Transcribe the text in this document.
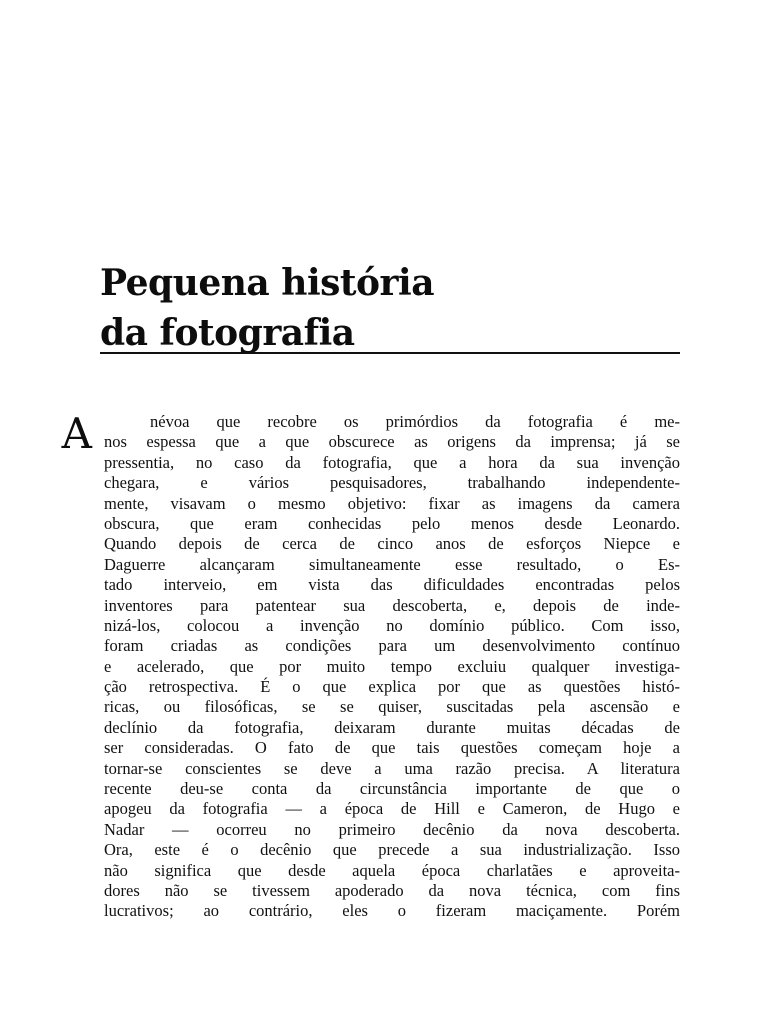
Pequena história
da fotografia
A	névoa que recobre os primórdios da fotografia é me-
nos espessa que a que obscurece as origens da imprensa; já se
pressentia, no caso da fotografia, que a hora da sua invenção
chegara, e vários pesquisadores, trabalhando independente-
mente, visavam o mesmo objetivo: fixar as imagens da camera
obscura, que eram conhecidas pelo menos desde Leonardo.
Quando depois de cerca de cinco anos de esforços Niepce e
Daguerre alcançaram simultaneamente esse resultado, o Es-
tado interveio, em vista das dificuldades encontradas pelos
inventores para patentear sua descoberta, e, depois de inde-
nizá-los, colocou a invenção no domínio público. Com isso,
foram criadas as condições para um desenvolvimento contínuo
e acelerado, que por muito tempo excluiu qualquer investiga-
ção retrospectiva. É o que explica por que as questões histó-
ricas, ou filosóficas, se se quiser, suscitadas pela ascensão e
declínio da fotografia, deixaram durante muitas décadas de
ser consideradas. O fato de que tais questões começam hoje a
tornar-se conscientes se deve a uma razão precisa. A literatura
recente deu-se conta da circunstância importante de que o
apogeu da fotografia — a época de Hill e Cameron, de Hugo e
Nadar — ocorreu no primeiro decênio da nova descoberta.
Ora, este é o decênio que precede a sua industrialização. Isso
não significa que desde aquela época charlatães e aproveita-
dores não se tivessem apoderado da nova técnica, com fins
lucrativos; ao contrário, eles o fizeram maciçamente. Porém
